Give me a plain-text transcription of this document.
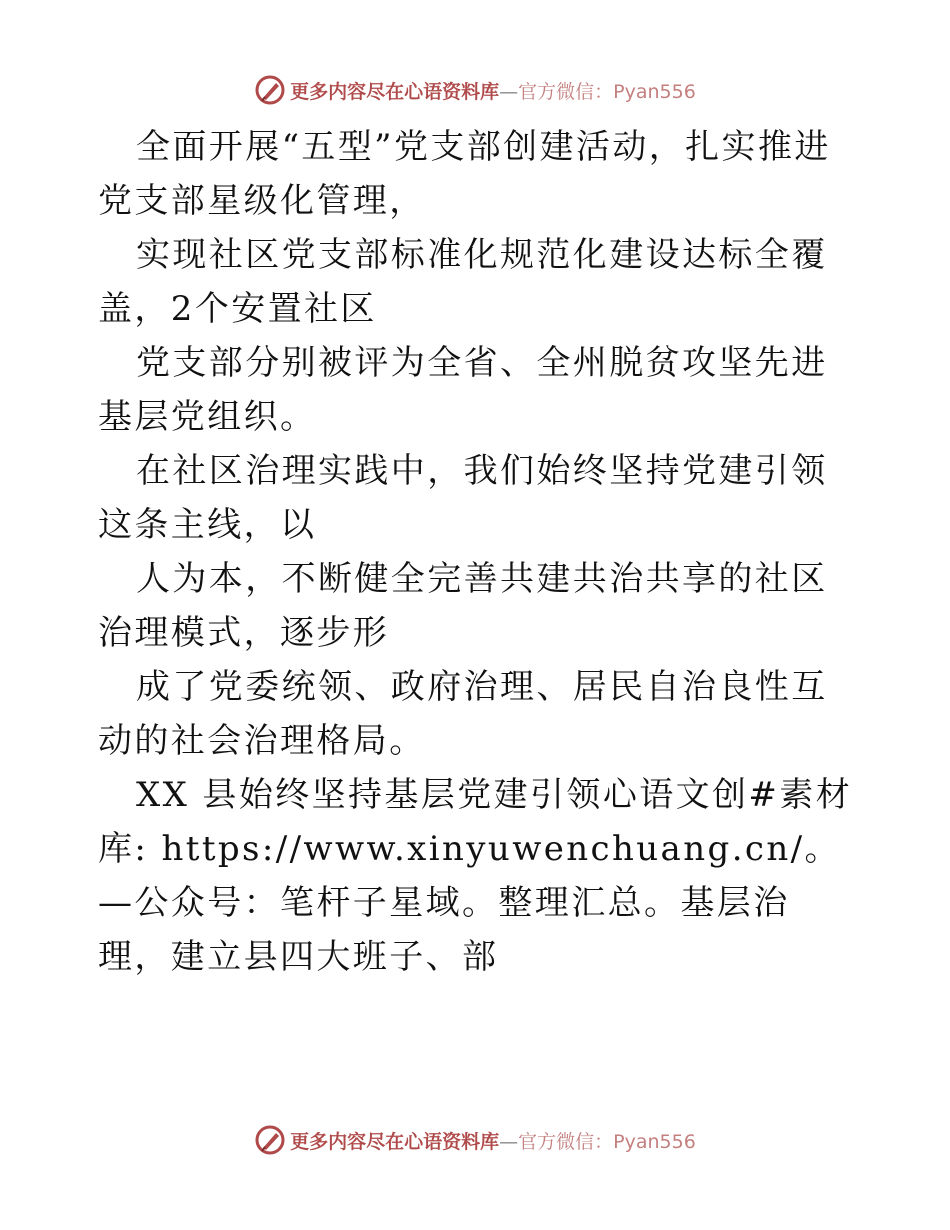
更多内容尽在心语资料库—官方微信：Pyan556

全面开展“五型”党支部创建活动，扎实推进党支部星级化管理，

实现社区党支部标准化规范化建设达标全覆盖，2个安置社区

党支部分别被评为全省、全州脱贫攻坚先进基层党组织。

在社区治理实践中，我们始终坚持党建引领这条主线，以

人为本，不断健全完善共建共治共享的社区治理模式，逐步形

成了党委统领、政府治理、居民自治良性互动的社会治理格局。

XX 县始终坚持基层党建引领心语文创#素材库: https://www.xinyuwenchuang.cn/。—公众号：笔杆子星域。整理汇总。基层治理，建立县四大班子、部

更多内容尽在心语资料库—官方微信：Pyan556
